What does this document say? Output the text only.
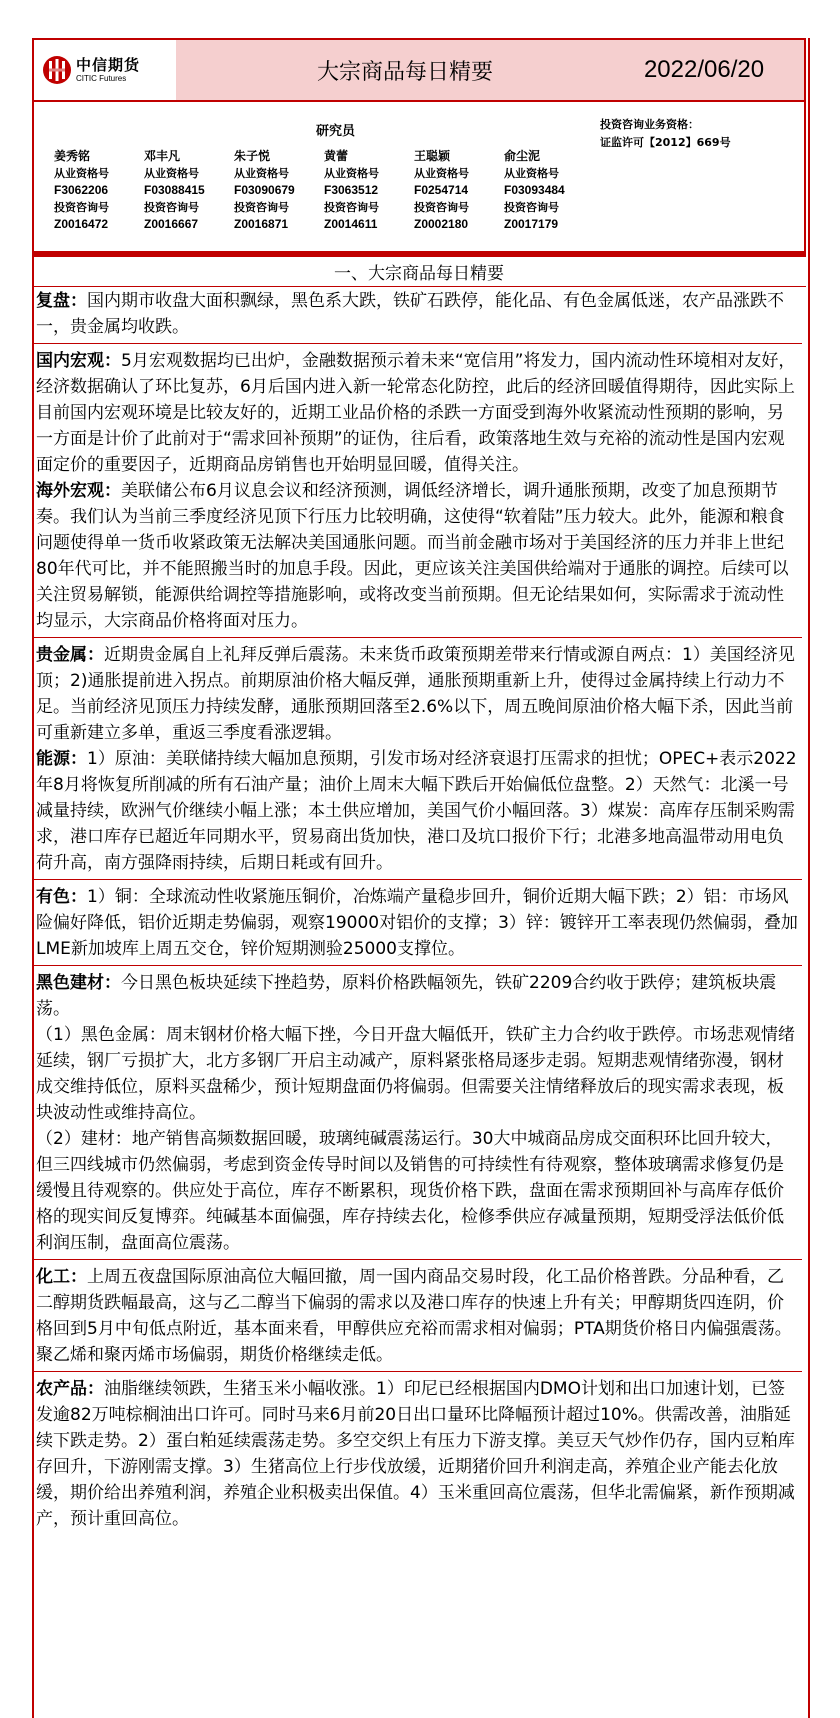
中信期货
CITIC Futures	大宗商品每日精要	2022/06/20
研究员
姜秀铭
从业资格号
F3062206
投资咨询号
Z0016472
邓丰凡
从业资格号
F03088415
投资咨询号
Z0016667
朱子悦
从业资格号
F03090679
投资咨询号
Z0016871
黄蕾
从业资格号
F3063512
投资咨询号
Z0014611
王聪颖
从业资格号
F0254714
投资咨询号
Z0002180
俞尘泥
从业资格号
F03093484
投资咨询号
Z0017179
投资咨询业务资格：
证监许可【2012】669号
一、大宗商品每日精要

复盘：国内期市收盘大面积飘绿，黑色系大跌，铁矿石跌停，能化品、有色金属低迷，农产品涨跌不一，贵金属均收跌。

国内宏观：5月宏观数据均已出炉，金融数据预示着未来“宽信用”将发力，国内流动性环境相对友好，经济数据确认了环比复苏，6月后国内进入新一轮常态化防控，此后的经济回暖值得期待，因此实际上目前国内宏观环境是比较友好的，近期工业品价格的杀跌一方面受到海外收紧流动性预期的影响，另一方面是计价了此前对于“需求回补预期”的证伪，往后看，政策落地生效与充裕的流动性是国内宏观面定价的重要因子，近期商品房销售也开始明显回暖，值得关注。

海外宏观：美联储公布6月议息会议和经济预测，调低经济增长，调升通胀预期，改变了加息预期节奏。我们认为当前三季度经济见顶下行压力比较明确，这使得“软着陆”压力较大。此外，能源和粮食问题使得单一货币收紧政策无法解决美国通胀问题。而当前金融市场对于美国经济的压力并非上世纪80年代可比，并不能照搬当时的加息手段。因此，更应该关注美国供给端对于通胀的调控。后续可以关注贸易解锁，能源供给调控等措施影响，或将改变当前预期。但无论结果如何，实际需求于流动性均显示，大宗商品价格将面对压力。

贵金属：近期贵金属自上礼拜反弹后震荡。未来货币政策预期差带来行情或源自两点：1）美国经济见顶；2)通胀提前进入拐点。前期原油价格大幅反弹，通胀预期重新上升，使得过金属持续上行动力不足。当前经济见顶压力持续发酵，通胀预期回落至2.6%以下，周五晚间原油价格大幅下杀，因此当前可重新建立多单，重返三季度看涨逻辑。

能源：1）原油：美联储持续大幅加息预期，引发市场对经济衰退打压需求的担忧；OPEC+表示2022年8月将恢复所削减的所有石油产量；油价上周末大幅下跌后开始偏低位盘整。2）天然气：北溪一号减量持续，欧洲气价继续小幅上涨；本土供应增加，美国气价小幅回落。3）煤炭：高库存压制采购需求，港口库存已超近年同期水平，贸易商出货加快，港口及坑口报价下行；北港多地高温带动用电负荷升高，南方强降雨持续，后期日耗或有回升。

有色：1）铜：全球流动性收紧施压铜价，冶炼端产量稳步回升，铜价近期大幅下跌；2）铝：市场风险偏好降低，铝价近期走势偏弱，观察19000对铝价的支撑；3）锌：镀锌开工率表现仍然偏弱，叠加LME新加坡库上周五交仓，锌价短期测验25000支撑位。

黑色建材：今日黑色板块延续下挫趋势，原料价格跌幅领先，铁矿2209合约收于跌停；建筑板块震荡。

（1）黑色金属：周末钢材价格大幅下挫，今日开盘大幅低开，铁矿主力合约收于跌停。市场悲观情绪延续，钢厂亏损扩大，北方多钢厂开启主动减产，原料紧张格局逐步走弱。短期悲观情绪弥漫，钢材成交维持低位，原料买盘稀少，预计短期盘面仍将偏弱。但需要关注情绪释放后的现实需求表现，板块波动性或维持高位。

（2）建材：地产销售高频数据回暖，玻璃纯碱震荡运行。30大中城商品房成交面积环比回升较大，但三四线城市仍然偏弱，考虑到资金传导时间以及销售的可持续性有待观察，整体玻璃需求修复仍是缓慢且待观察的。供应处于高位，库存不断累积，现货价格下跌，盘面在需求预期回补与高库存低价格的现实间反复博弈。纯碱基本面偏强，库存持续去化，检修季供应存减量预期，短期受浮法低价低利润压制，盘面高位震荡。

化工：上周五夜盘国际原油高位大幅回撤，周一国内商品交易时段，化工品价格普跌。分品种看，乙二醇期货跌幅最高，这与乙二醇当下偏弱的需求以及港口库存的快速上升有关；甲醇期货四连阴，价格回到5月中旬低点附近，基本面来看，甲醇供应充裕而需求相对偏弱；PTA期货价格日内偏强震荡。聚乙烯和聚丙烯市场偏弱，期货价格继续走低。

农产品：油脂继续领跌，生猪玉米小幅收涨。1）印尼已经根据国内DMO计划和出口加速计划，已签发逾82万吨棕榈油出口许可。同时马来6月前20日出口量环比降幅预计超过10%。供需改善，油脂延续下跌走势。2）蛋白粕延续震荡走势。多空交织上有压力下游支撑。美豆天气炒作仍存，国内豆粕库存回升，下游刚需支撑。3）生猪高位上行步伐放缓，近期猪价回升利润走高，养殖企业产能去化放缓，期价给出养殖利润，养殖企业积极卖出保值。4）玉米重回高位震荡，但华北需偏紧，新作预期减产，预计重回高位。
